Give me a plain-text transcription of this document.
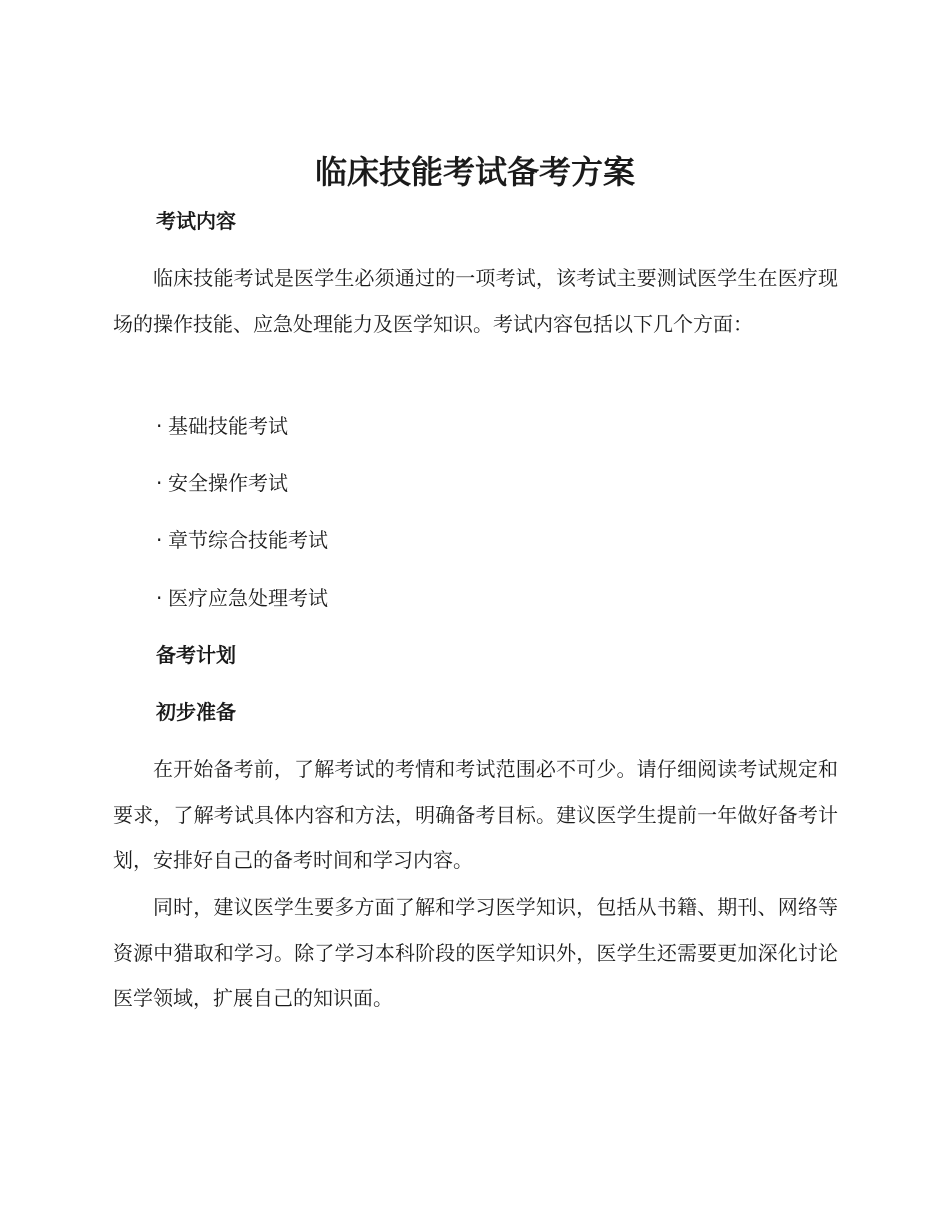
临床技能考试备考方案
考试内容

临床技能考试是医学生必须通过的一项考试，该考试主要测试医学生在医疗现场的操作技能、应急处理能力及医学知识。考试内容包括以下几个方面：

· 基础技能考试
· 安全操作考试
· 章节综合技能考试
· 医疗应急处理考试
备考计划
初步准备

在开始备考前，了解考试的考情和考试范围必不可少。请仔细阅读考试规定和要求，了解考试具体内容和方法，明确备考目标。建议医学生提前一年做好备考计划，安排好自己的备考时间和学习内容。

同时，建议医学生要多方面了解和学习医学知识，包括从书籍、期刊、网络等资源中猎取和学习。除了学习本科阶段的医学知识外，医学生还需要更加深化讨论医学领域，扩展自己的知识面。
